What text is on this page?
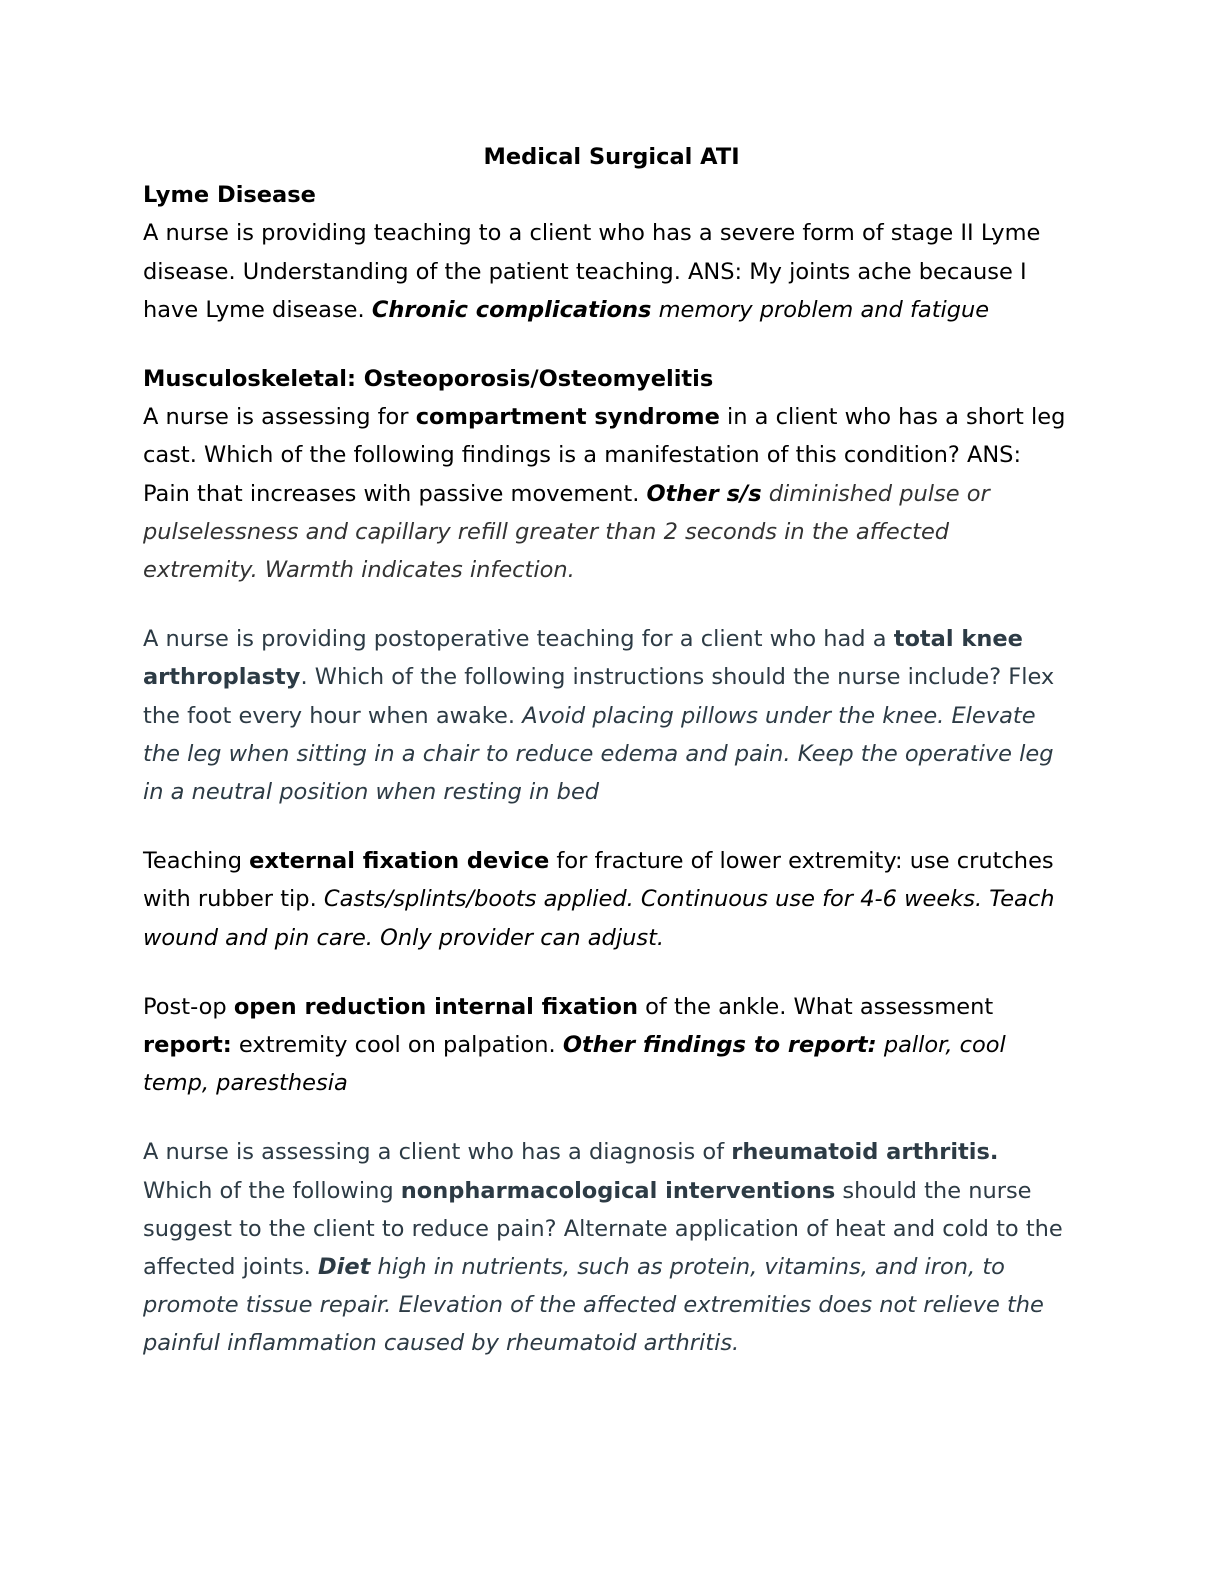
Medical Surgical ATI

Lyme Disease

A nurse is providing teaching to a client who has a severe form of stage II Lyme disease. Understanding of the patient teaching. ANS: My joints ache because I have Lyme disease. Chronic complications memory problem and fatigue

Musculoskeletal: Osteoporosis/Osteomyelitis

A nurse is assessing for compartment syndrome in a client who has a short leg cast. Which of the following findings is a manifestation of this condition? ANS: Pain that increases with passive movement. Other s/s diminished pulse or pulselessness and capillary refill greater than 2 seconds in the affected extremity. Warmth indicates infection.

A nurse is providing postoperative teaching for a client who had a total knee arthroplasty. Which of the following instructions should the nurse include? Flex the foot every hour when awake. Avoid placing pillows under the knee. Elevate the leg when sitting in a chair to reduce edema and pain. Keep the operative leg in a neutral position when resting in bed

Teaching external fixation device for fracture of lower extremity: use crutches with rubber tip. Casts/splints/boots applied. Continuous use for 4-6 weeks. Teach wound and pin care. Only provider can adjust.

Post-op open reduction internal fixation of the ankle. What assessment report: extremity cool on palpation. Other findings to report: pallor, cool temp, paresthesia

A nurse is assessing a client who has a diagnosis of rheumatoid arthritis. Which of the following nonpharmacological interventions should the nurse suggest to the client to reduce pain? Alternate application of heat and cold to the affected joints. Diet high in nutrients, such as protein, vitamins, and iron, to promote tissue repair. Elevation of the affected extremities does not relieve the painful inflammation caused by rheumatoid arthritis.
